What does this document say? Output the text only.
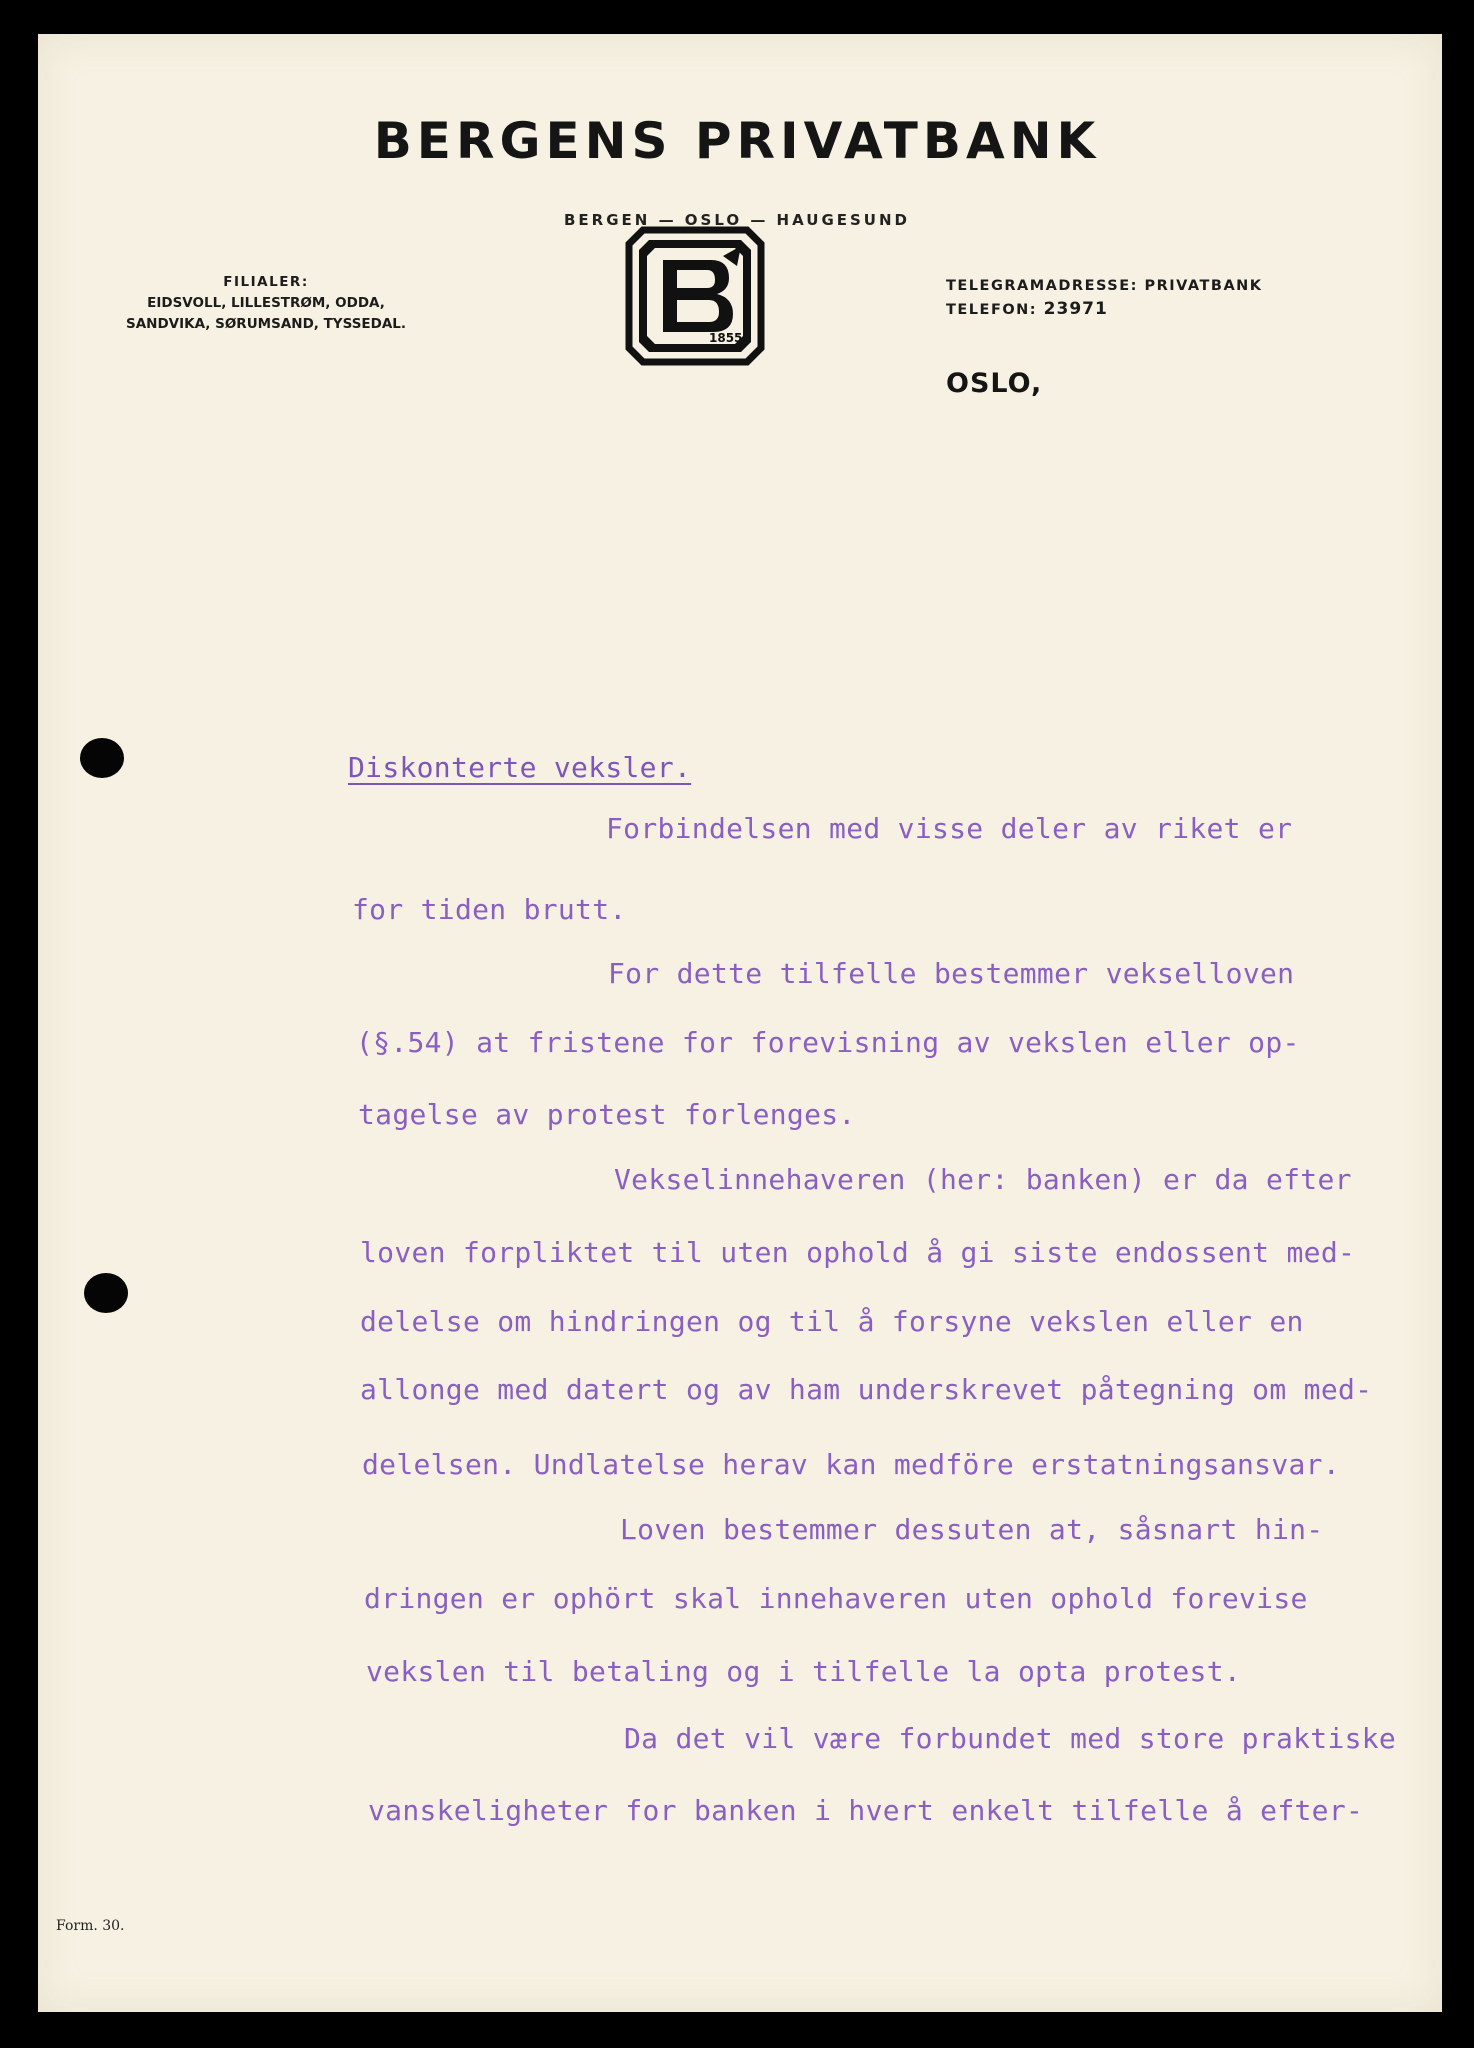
BERGENS PRIVATBANK
BERGEN — OSLO — HAUGESUND
FILIALER:
EIDSVOLL, LILLESTRØM, ODDA,
SANDVIKA, SØRUMSAND, TYSSEDAL.
1855
TELEGRAMADRESSE: PRIVATBANK
TELEFON: 23971
OSLO,
Diskonterte veksler.
Forbindelsen med visse deler av riket er
for tiden brutt.
For dette tilfelle bestemmer vekselloven
(§.54) at fristene for forevisning av vekslen eller op-
tagelse av protest forlenges.
Vekselinnehaveren (her: banken) er da efter
loven forpliktet til uten ophold å gi siste endossent med-
delelse om hindringen og til å forsyne vekslen eller en
allonge med datert og av ham underskrevet påtegning om med-
delelsen. Undlatelse herav kan medföre erstatningsansvar.
Loven bestemmer dessuten at, såsnart hin-
dringen er ophört skal innehaveren uten ophold forevise
vekslen til betaling og i tilfelle la opta protest.
Da det vil være forbundet med store praktiske
vanskeligheter for banken i hvert enkelt tilfelle å efter-
Form. 30.
